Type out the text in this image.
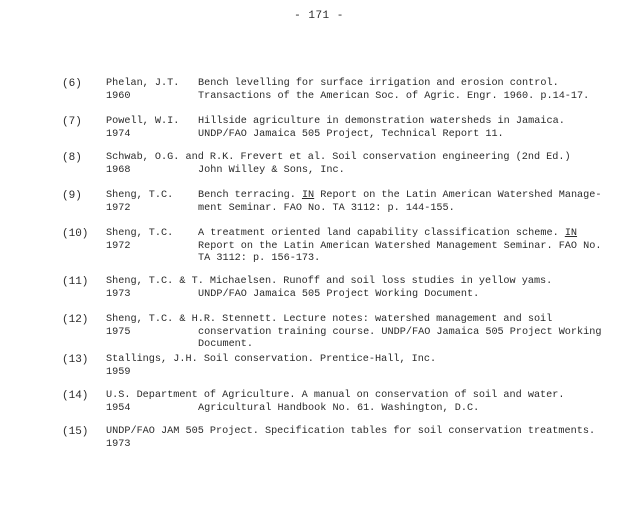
- 171 -
(6) Phelan, J.T. Bench levelling for surface irrigation and erosion control.
1960	Transactions of the American Soc. of Agric. Engr. 1960. p.14-17.
(7) Powell, W.I. Hillside agriculture in demonstration watersheds in Jamaica.
1974	UNDP/FAO Jamaica 505 Project, Technical Report 11.
(8) Schwab, O.G. and R.K. Frevert et al. Soil conservation engineering (2nd Ed.)
1968	John Willey & Sons, Inc.
(9) Sheng, T.C. Bench terracing. IN Report on the Latin American Watershed Manage-
1972	ment Seminar. FAO No. TA 3112: p. 144-155.
(10) Sheng, T.C. A treatment oriented land capability classification scheme. IN
1972	Report on the Latin American Watershed Management Seminar. FAO No.
TA 3112: p. 156-173.
(11) Sheng, T.C. & T. Michaelsen. Runoff and soil loss studies in yellow yams.
1973	UNDP/FAO Jamaica 505 Project Working Document.
(12) Sheng, T.C. & H.R. Stennett. Lecture notes: watershed management and soil
1975	conservation training course. UNDP/FAO Jamaica 505 Project Working
Document.
(13) Stallings, J.H. Soil conservation. Prentice-Hall, Inc.
1959
(14) U.S. Department of Agriculture. A manual on conservation of soil and water.
1954	Agricultural Handbook No. 61. Washington, D.C.
(15) UNDP/FAO JAM 505 Project. Specification tables for soil conservation treatments.
1973
